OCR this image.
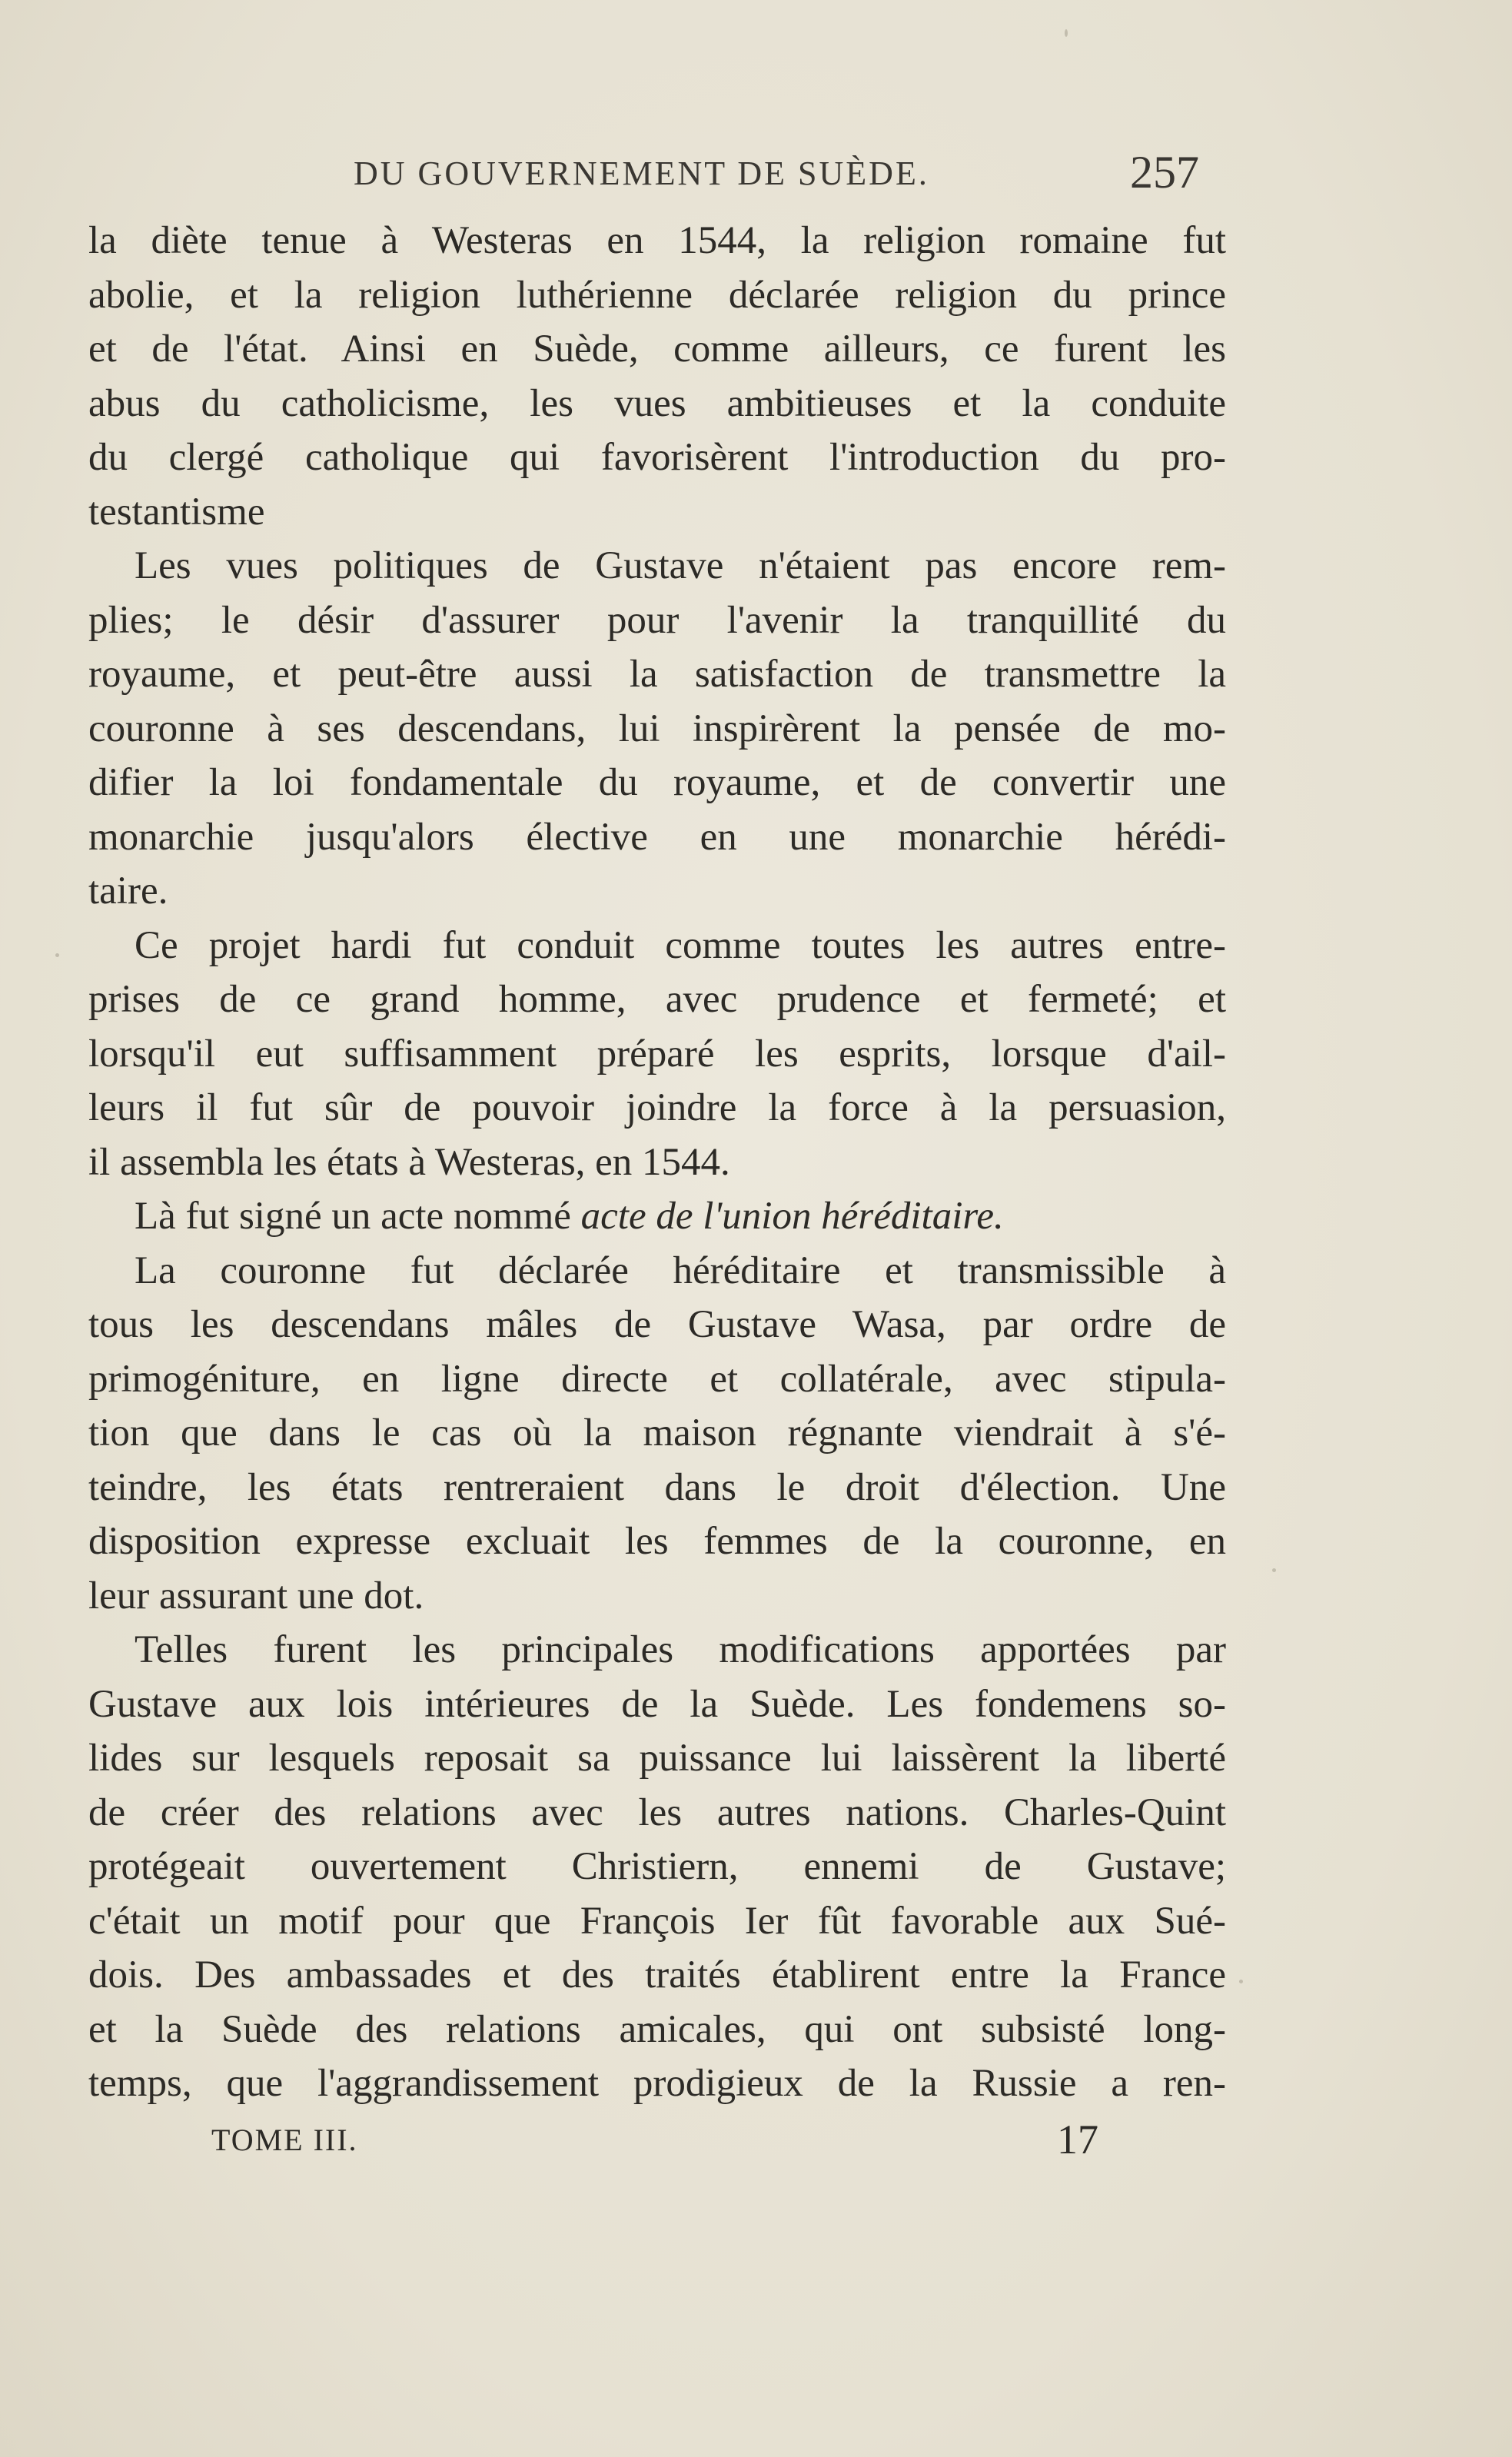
DU GOUVERNEMENT DE SUÈDE.	257
la diète tenue à Westeras en 1544, la religion romaine fut
abolie, et la religion luthérienne déclarée religion du prince
et de l'état. Ainsi en Suède, comme ailleurs, ce furent les
abus du catholicisme, les vues ambitieuses et la conduite
du clergé catholique qui favorisèrent l'introduction du pro-
testantisme
Les vues politiques de Gustave n'étaient pas encore rem-
plies; le désir d'assurer pour l'avenir la tranquillité du
royaume, et peut-être aussi la satisfaction de transmettre la
couronne à ses descendans, lui inspirèrent la pensée de mo-
difier la loi fondamentale du royaume, et de convertir une
monarchie jusqu'alors élective en une monarchie hérédi-
taire.
Ce projet hardi fut conduit comme toutes les autres entre-
prises de ce grand homme, avec prudence et fermeté; et
lorsqu'il eut suffisamment préparé les esprits, lorsque d'ail-
leurs il fut sûr de pouvoir joindre la force à la persuasion,
il assembla les états à Westeras, en 1544.
Là fut signé un acte nommé acte de l'union héréditaire.
La couronne fut déclarée héréditaire et transmissible à
tous les descendans mâles de Gustave Wasa, par ordre de
primogéniture, en ligne directe et collatérale, avec stipula-
tion que dans le cas où la maison régnante viendrait à s'é-
teindre, les états rentreraient dans le droit d'élection. Une
disposition expresse excluait les femmes de la couronne, en
leur assurant une dot.
Telles furent les principales modifications apportées par
Gustave aux lois intérieures de la Suède. Les fondemens so-
lides sur lesquels reposait sa puissance lui laissèrent la liberté
de créer des relations avec les autres nations. Charles-Quint
protégeait ouvertement Christiern, ennemi de Gustave;
c'était un motif pour que François Ier fût favorable aux Sué-
dois. Des ambassades et des traités établirent entre la France
et la Suède des relations amicales, qui ont subsisté long-
temps, que l'aggrandissement prodigieux de la Russie a ren-
TOME III.	17
